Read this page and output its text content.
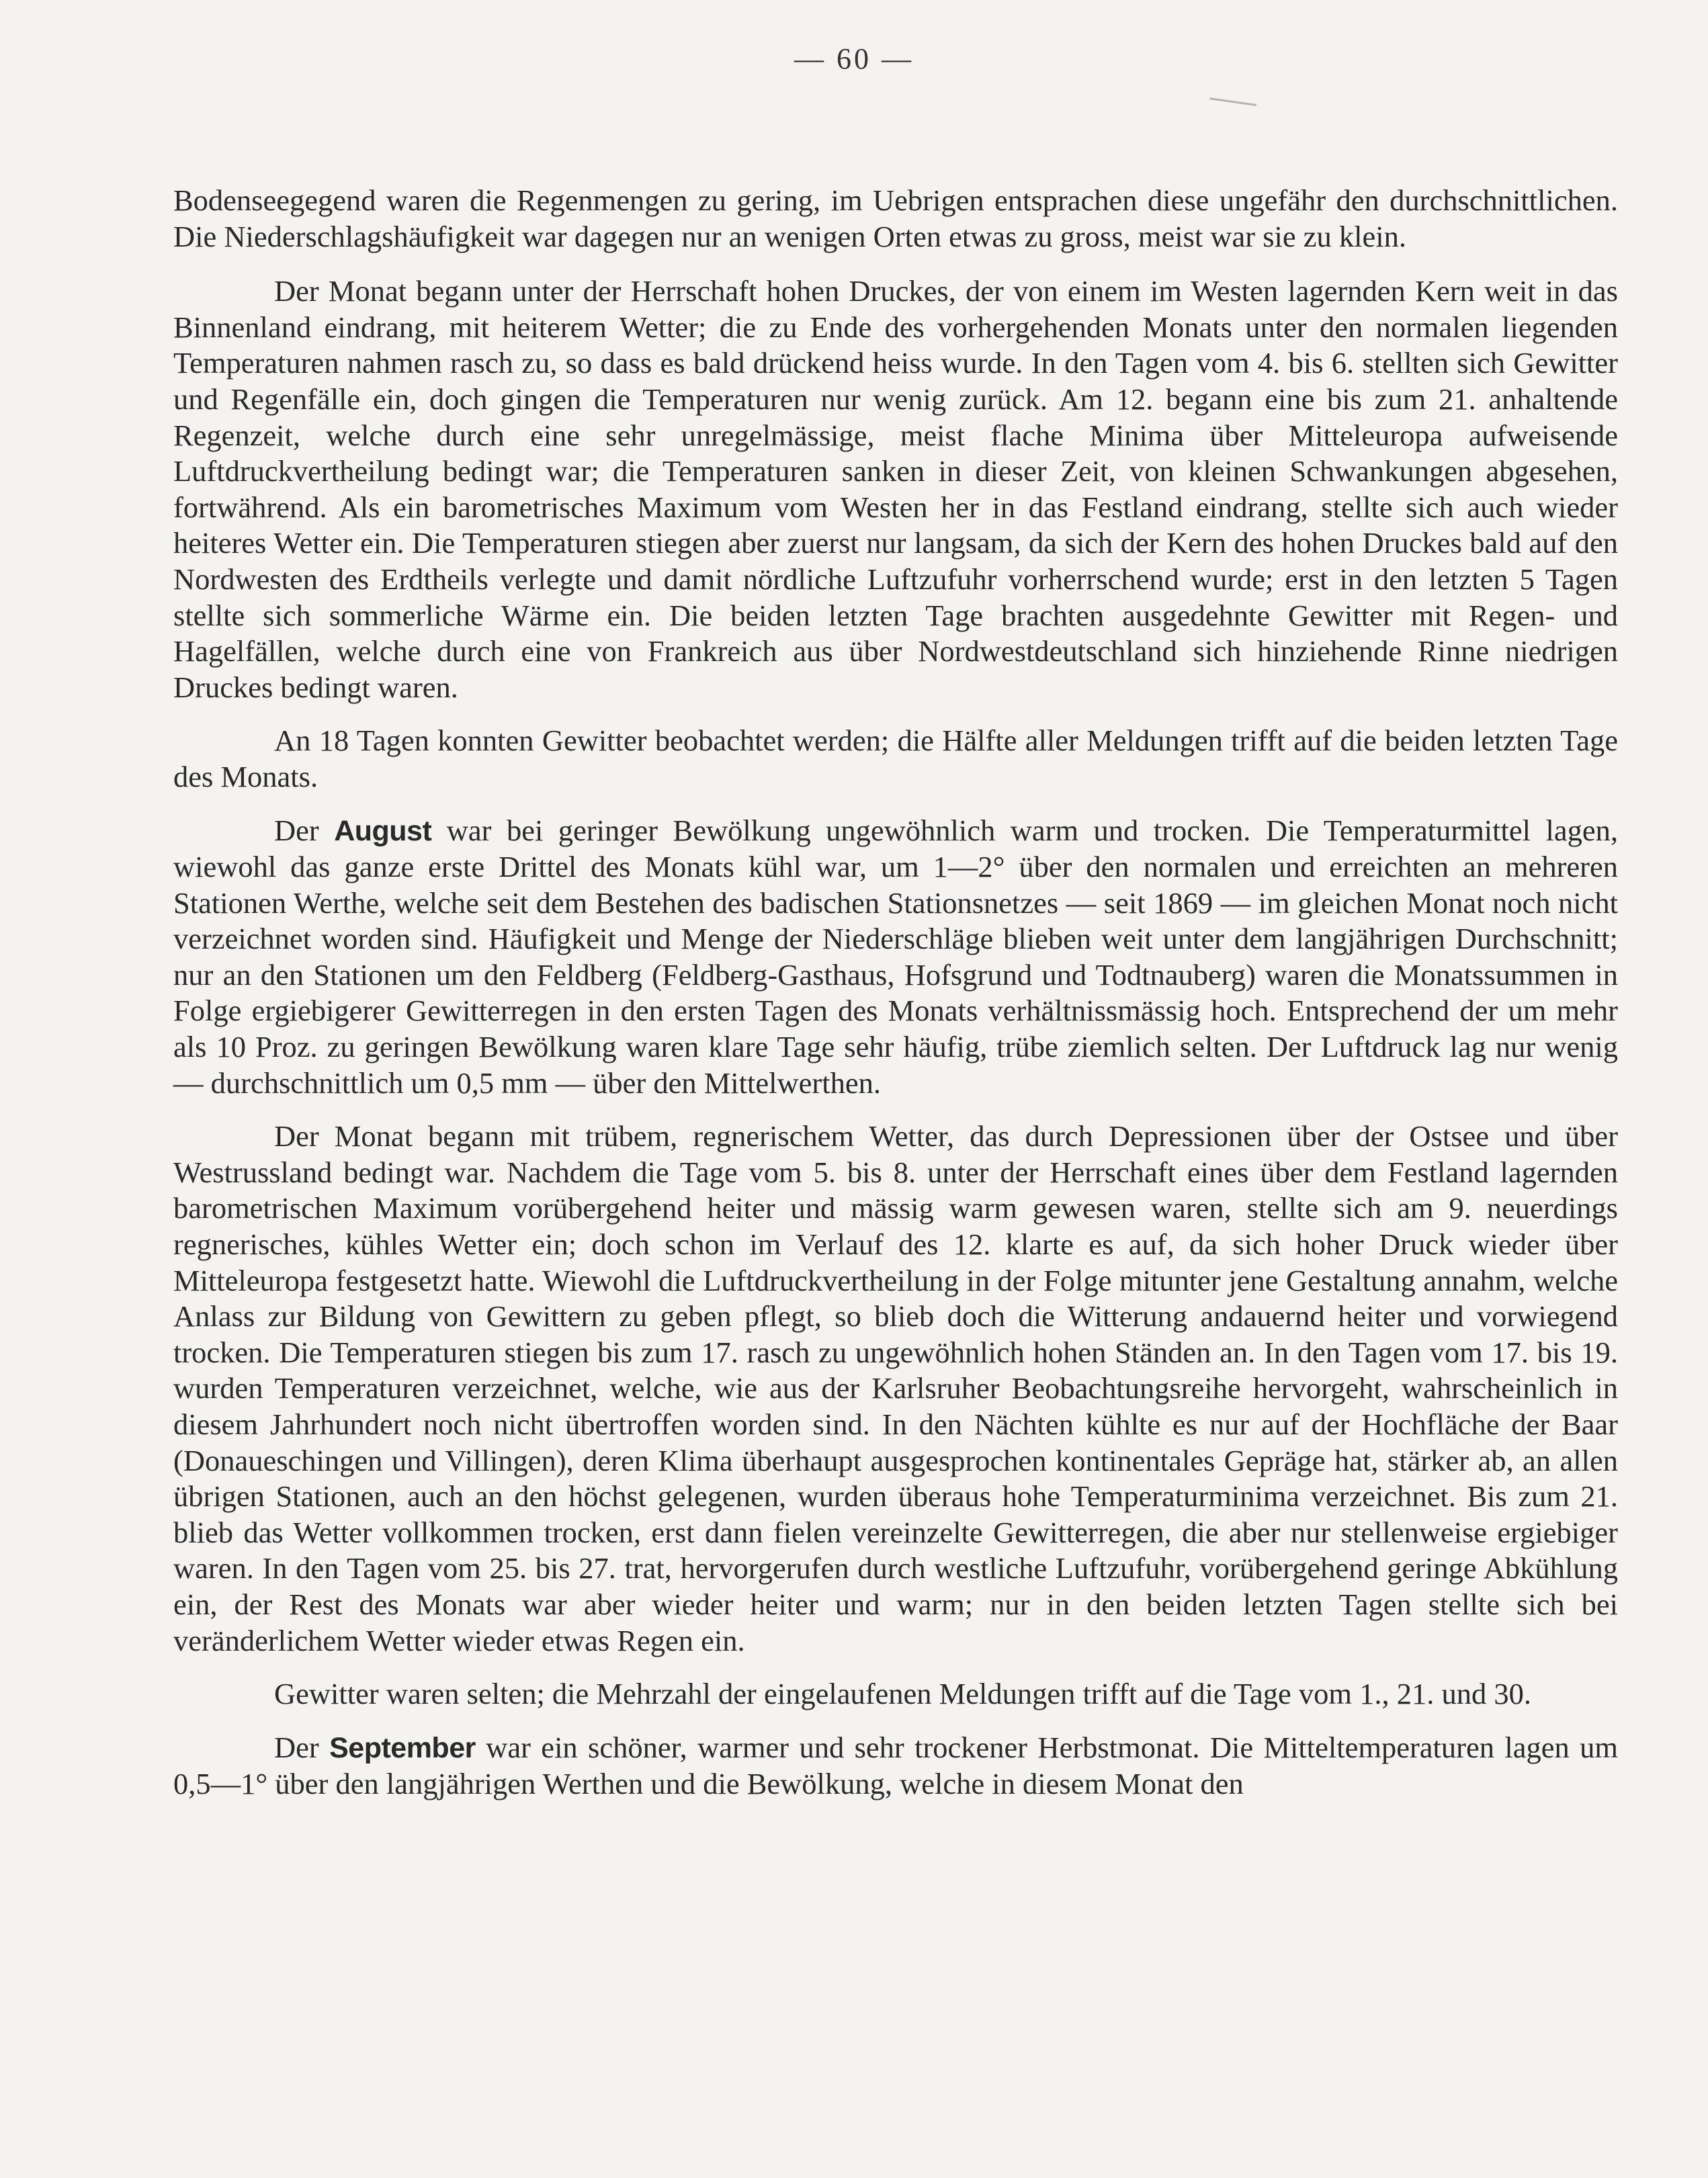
— 60 —

Bodenseegegend waren die Regenmengen zu gering, im Uebrigen entsprachen diese ungefähr den durchschnittlichen. Die Niederschlagshäufigkeit war dagegen nur an wenigen Orten etwas zu gross, meist war sie zu klein.

Der Monat begann unter der Herrschaft hohen Druckes, der von einem im Westen lagernden Kern weit in das Binnenland eindrang, mit heiterem Wetter; die zu Ende des vorhergehenden Monats unter den normalen liegenden Temperaturen nahmen rasch zu, so dass es bald drückend heiss wurde. In den Tagen vom 4. bis 6. stellten sich Gewitter und Regenfälle ein, doch gingen die Temperaturen nur wenig zurück. Am 12. begann eine bis zum 21. anhaltende Regenzeit, welche durch eine sehr unregelmässige, meist flache Minima über Mitteleuropa aufweisende Luftdruckvertheilung bedingt war; die Temperaturen sanken in dieser Zeit, von kleinen Schwankungen abgesehen, fortwährend. Als ein barometrisches Maximum vom Westen her in das Festland eindrang, stellte sich auch wieder heiteres Wetter ein. Die Temperaturen stiegen aber zuerst nur langsam, da sich der Kern des hohen Druckes bald auf den Nordwesten des Erdtheils verlegte und damit nördliche Luftzufuhr vorherrschend wurde; erst in den letzten 5 Tagen stellte sich sommerliche Wärme ein. Die beiden letzten Tage brachten ausgedehnte Gewitter mit Regen- und Hagelfällen, welche durch eine von Frankreich aus über Nordwestdeutschland sich hinziehende Rinne niedrigen Druckes bedingt waren.

An 18 Tagen konnten Gewitter beobachtet werden; die Hälfte aller Meldungen trifft auf die beiden letzten Tage des Monats.

Der August war bei geringer Bewölkung ungewöhnlich warm und trocken. Die Temperaturmittel lagen, wiewohl das ganze erste Drittel des Monats kühl war, um 1—2° über den normalen und erreichten an mehreren Stationen Werthe, welche seit dem Bestehen des badischen Stationsnetzes — seit 1869 — im gleichen Monat noch nicht verzeichnet worden sind. Häufigkeit und Menge der Niederschläge blieben weit unter dem langjährigen Durchschnitt; nur an den Stationen um den Feldberg (Feldberg-Gasthaus, Hofsgrund und Todtnauberg) waren die Monatssummen in Folge ergiebigerer Gewitterregen in den ersten Tagen des Monats verhältnissmässig hoch. Entsprechend der um mehr als 10 Proz. zu geringen Bewölkung waren klare Tage sehr häufig, trübe ziemlich selten. Der Luftdruck lag nur wenig — durchschnittlich um 0,5 mm — über den Mittelwerthen.

Der Monat begann mit trübem, regnerischem Wetter, das durch Depressionen über der Ostsee und über Westrussland bedingt war. Nachdem die Tage vom 5. bis 8. unter der Herrschaft eines über dem Festland lagernden barometrischen Maximum vorübergehend heiter und mässig warm gewesen waren, stellte sich am 9. neuerdings regnerisches, kühles Wetter ein; doch schon im Verlauf des 12. klarte es auf, da sich hoher Druck wieder über Mitteleuropa festgesetzt hatte. Wiewohl die Luftdruckvertheilung in der Folge mitunter jene Gestaltung annahm, welche Anlass zur Bildung von Gewittern zu geben pflegt, so blieb doch die Witterung andauernd heiter und vorwiegend trocken. Die Temperaturen stiegen bis zum 17. rasch zu ungewöhnlich hohen Ständen an. In den Tagen vom 17. bis 19. wurden Temperaturen verzeichnet, welche, wie aus der Karlsruher Beobachtungsreihe hervorgeht, wahrscheinlich in diesem Jahrhundert noch nicht übertroffen worden sind. In den Nächten kühlte es nur auf der Hochfläche der Baar (Donaueschingen und Villingen), deren Klima überhaupt ausgesprochen kontinentales Gepräge hat, stärker ab, an allen übrigen Stationen, auch an den höchst gelegenen, wurden überaus hohe Temperaturminima verzeichnet. Bis zum 21. blieb das Wetter vollkommen trocken, erst dann fielen vereinzelte Gewitterregen, die aber nur stellenweise ergiebiger waren. In den Tagen vom 25. bis 27. trat, hervorgerufen durch westliche Luftzufuhr, vorübergehend geringe Abkühlung ein, der Rest des Monats war aber wieder heiter und warm; nur in den beiden letzten Tagen stellte sich bei veränderlichem Wetter wieder etwas Regen ein.

Gewitter waren selten; die Mehrzahl der eingelaufenen Meldungen trifft auf die Tage vom 1., 21. und 30.

Der September war ein schöner, warmer und sehr trockener Herbstmonat. Die Mitteltemperaturen lagen um 0,5—1° über den langjährigen Werthen und die Bewölkung, welche in diesem Monat den
